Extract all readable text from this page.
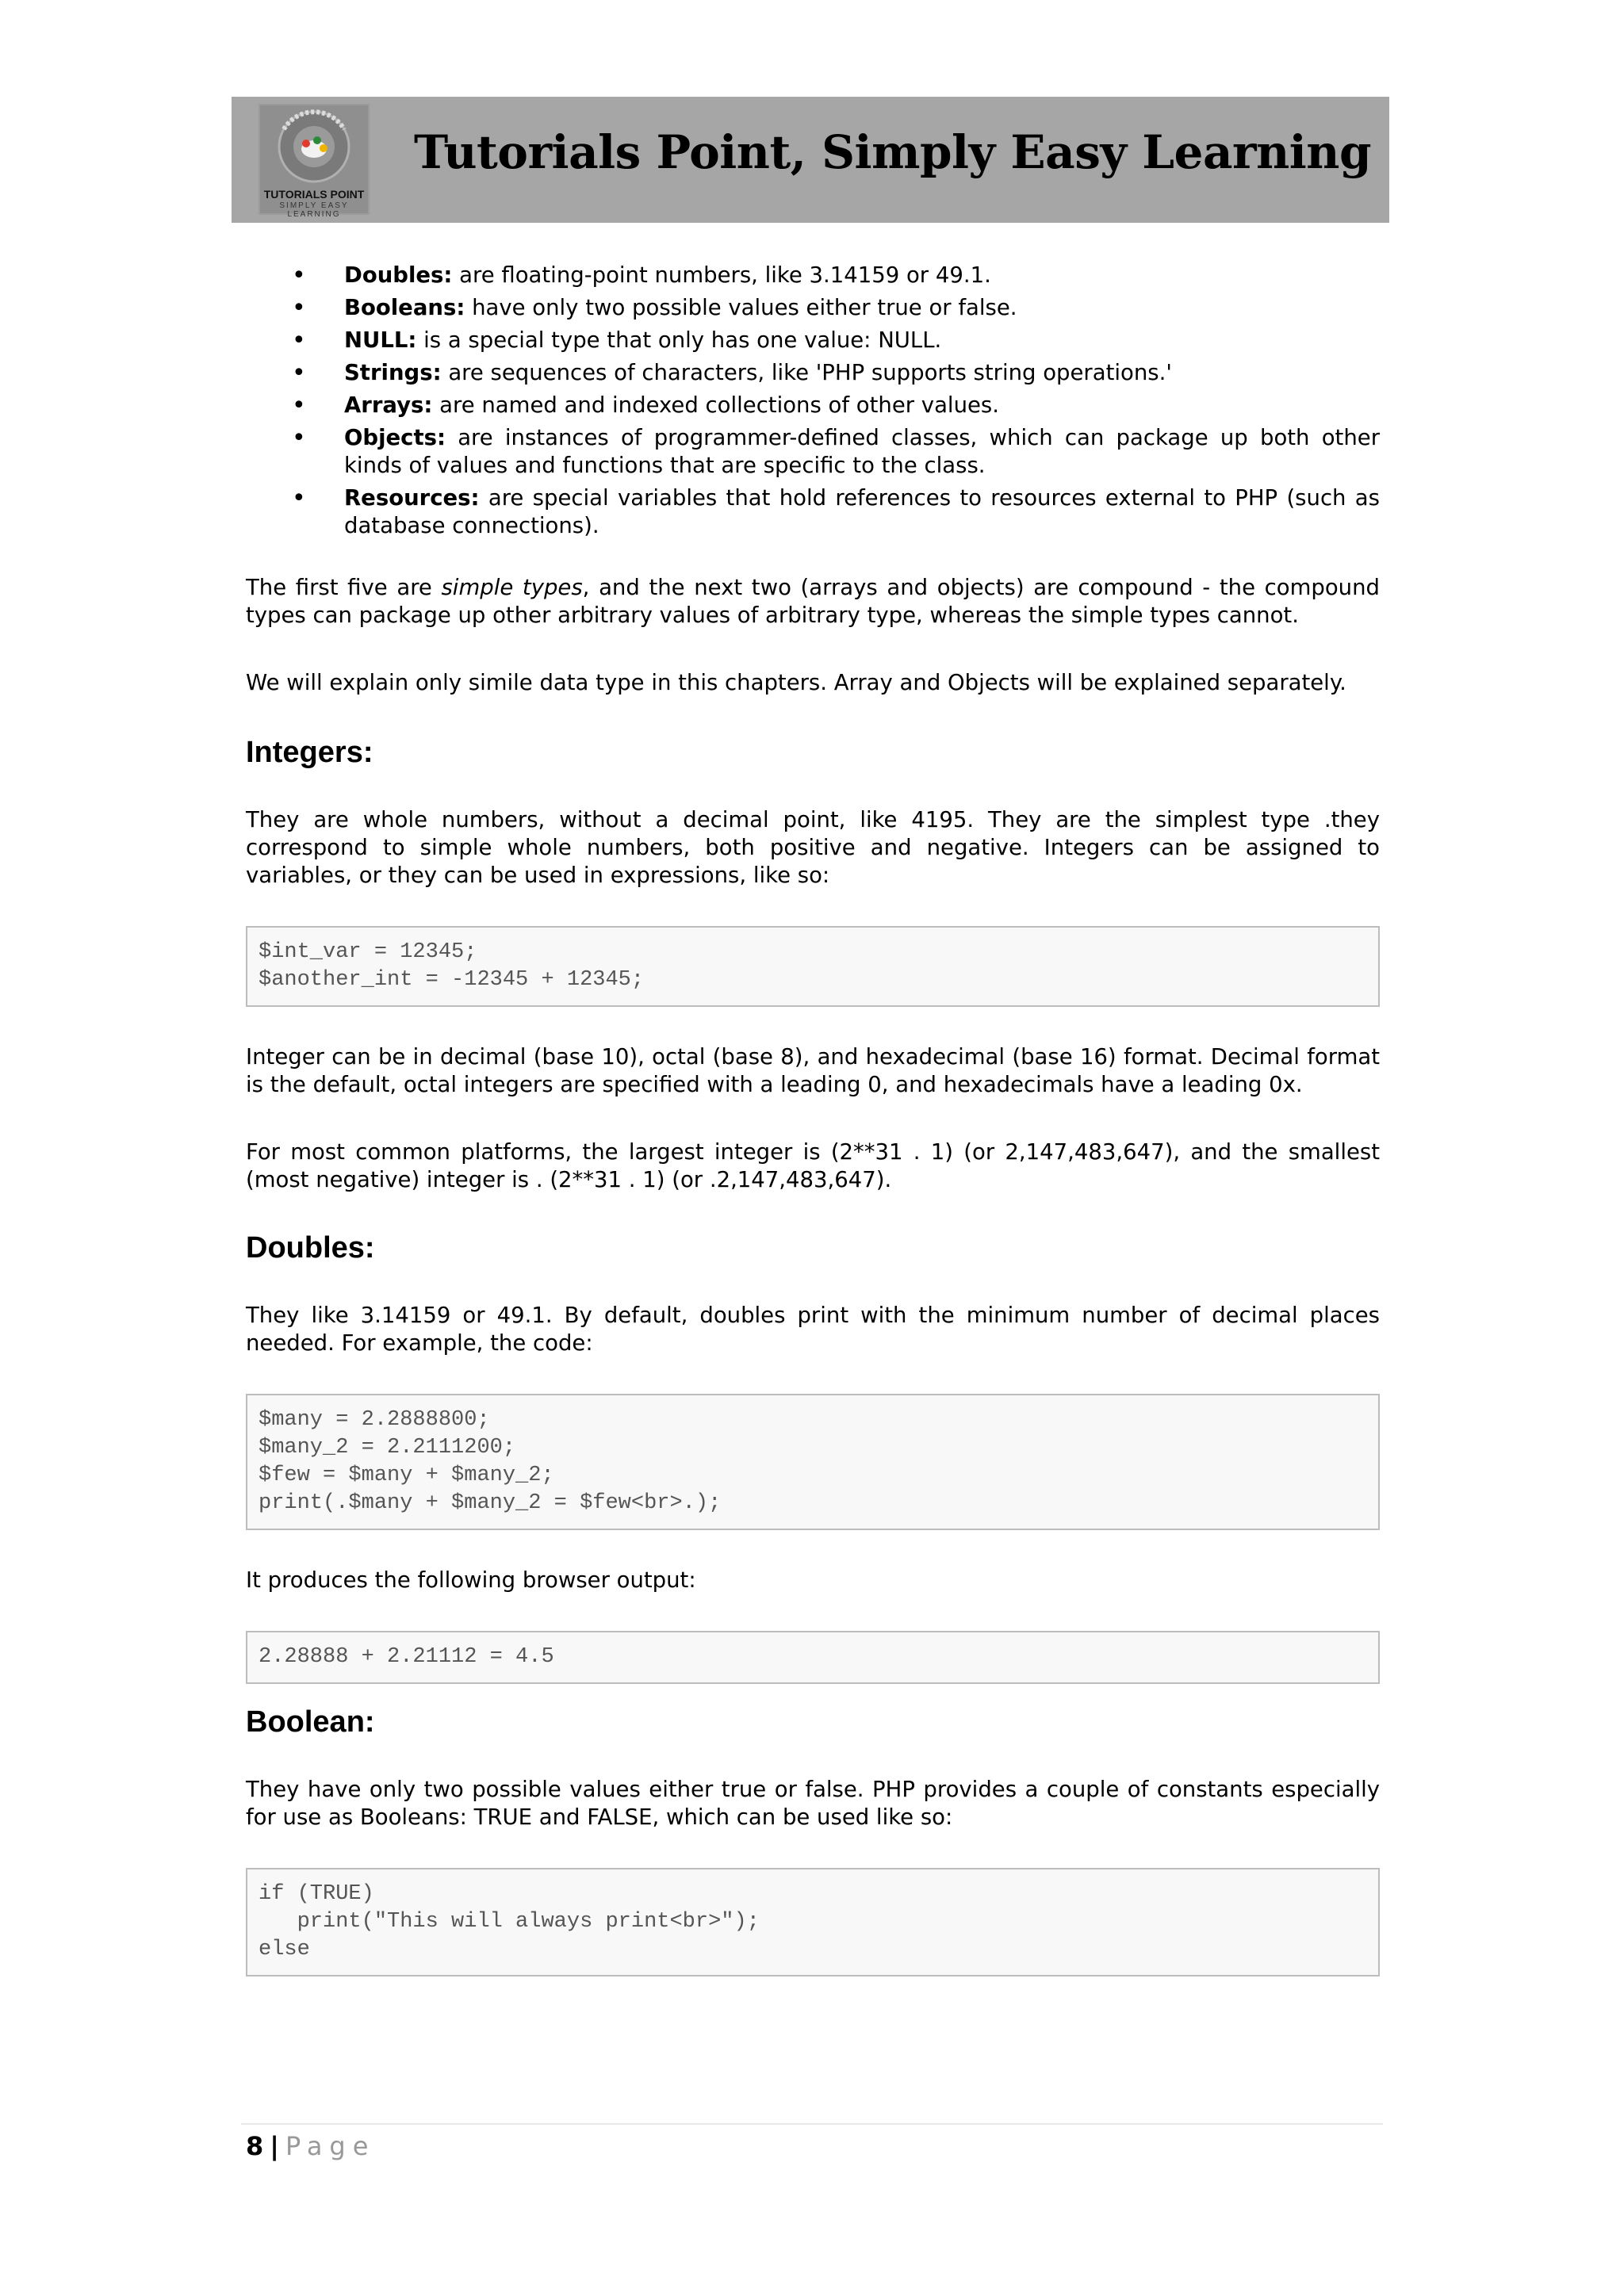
TUTORIALS POINT
SIMPLY EASY LEARNING
Tutorials Point, Simply Easy Learning
• Doubles: are floating-point numbers, like 3.14159 or 49.1.
• Booleans: have only two possible values either true or false.
• NULL: is a special type that only has one value: NULL.
• Strings: are sequences of characters, like 'PHP supports string operations.'
• Arrays: are named and indexed collections of other values.
• Objects: are instances of programmer-defined classes, which can package up both other kinds of values and functions that are specific to the class.
• Resources: are special variables that hold references to resources external to PHP (such as database connections).

The first five are simple types, and the next two (arrays and objects) are compound - the compound types can package up other arbitrary values of arbitrary type, whereas the simple types cannot.

We will explain only simile data type in this chapters. Array and Objects will be explained separately.

Integers:

They are whole numbers, without a decimal point, like 4195. They are the simplest type .they correspond to simple whole numbers, both positive and negative. Integers can be assigned to variables, or they can be used in expressions, like so:

$int_var = 12345;
$another_int = -12345 + 12345;

Integer can be in decimal (base 10), octal (base 8), and hexadecimal (base 16) format. Decimal format is the default, octal integers are specified with a leading 0, and hexadecimals have a leading 0x.

For most common platforms, the largest integer is (2**31 . 1) (or 2,147,483,647), and the smallest (most negative) integer is . (2**31 . 1) (or .2,147,483,647).

Doubles:

They like 3.14159 or 49.1. By default, doubles print with the minimum number of decimal places needed. For example, the code:

$many = 2.2888800;
$many_2 = 2.2111200;
$few = $many + $many_2;
print(.$many + $many_2 = $few<br>.);

It produces the following browser output:

2.28888 + 2.21112 = 4.5
Boolean:

They have only two possible values either true or false. PHP provides a couple of constants especially for use as Booleans: TRUE and FALSE, which can be used like so:

if (TRUE)
print("This will always print<br>");
else
8 | Page
